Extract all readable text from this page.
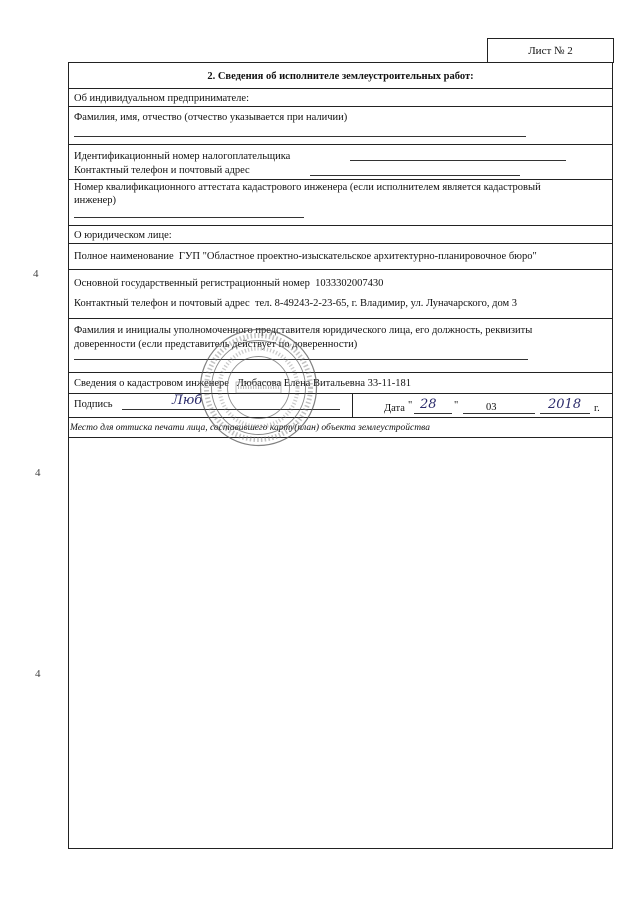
Лист № 2
2. Сведения об исполнителе землеустроительных работ:
Об индивидуальном предпринимателе:
Фамилия, имя, отчество (отчество указывается при наличии)
Идентификационный номер налогоплательщика
Контактный телефон и почтовый адрес
Номер квалификационного аттестата кадастрового инженера (если исполнителем является кадастровый
инженер)
О юридическом лице:
Полное наименование ГУП "Областное проектно-изыскательское архитектурно-планировочное бюро"
Основной государственный регистрационный номер 1033302007430
Контактный телефон и почтовый адрес тел. 8-49243-2-23-65, г. Владимир, ул. Луначарского, дом 3
Фамилия и инициалы уполномоченного представителя юридического лица, его должность, реквизиты
доверенности (если представитель действует по доверенности)
Сведения о кадастровом инженере Любасова Елена Витальевна 33-11-181
Подпись	Люб
Дата " 28 "	03	2018 г.
Место для оттиска печати лица, составившего карту(план) объекта землеустройства
4
4
4
